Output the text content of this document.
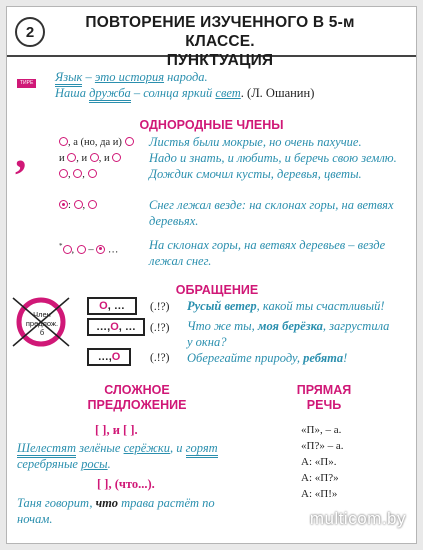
2
ПОВТОРЕНИЕ ИЗУЧЕННОГО В 5-м КЛАССЕ.
ПУНКТУАЦИЯ
ТИРЕ Язык – это история народа.
Наша дружба – солнца яркий свет. (Л. Ошанин)
ОДНОРОДНЫЕ ЧЛЕНЫ
,	, а (но, да и)
и , и , и
, ,
Листья были мокрые, но очень пахучие.
Надо и знать, и любить, и беречь свою землю.
Дождик смочил кусты, деревья, цветы.
: ,	Снег лежал везде: на склонах горы, на ветвях
деревьях.
* ,  –  … На склонах горы, на ветвях деревьев – везде
лежал снег.
ОБРАЩЕНИЕ
Член
предлож.
б
O , …
…, O , …
…, O
(.!?)
(.!?)
(.!?)
Русый ветер, какой ты счастливый!
Что же ты, моя берёзка, загрустила
у окна?
Оберегайте природу, ребята!
СЛОЖНОЕ
ПРЕДЛОЖЕНИЕ
[ ], и [ ].
Шелестят зелёные серёжки, и горят
серебряные росы.
[ ], (что...).
Таня говорит, что трава растёт по
ночам.
ПРЯМАЯ
РЕЧЬ
«П», – а.
«П?» – а.
А: «П».
А: «П?»
А: «П!»
multicom.by
